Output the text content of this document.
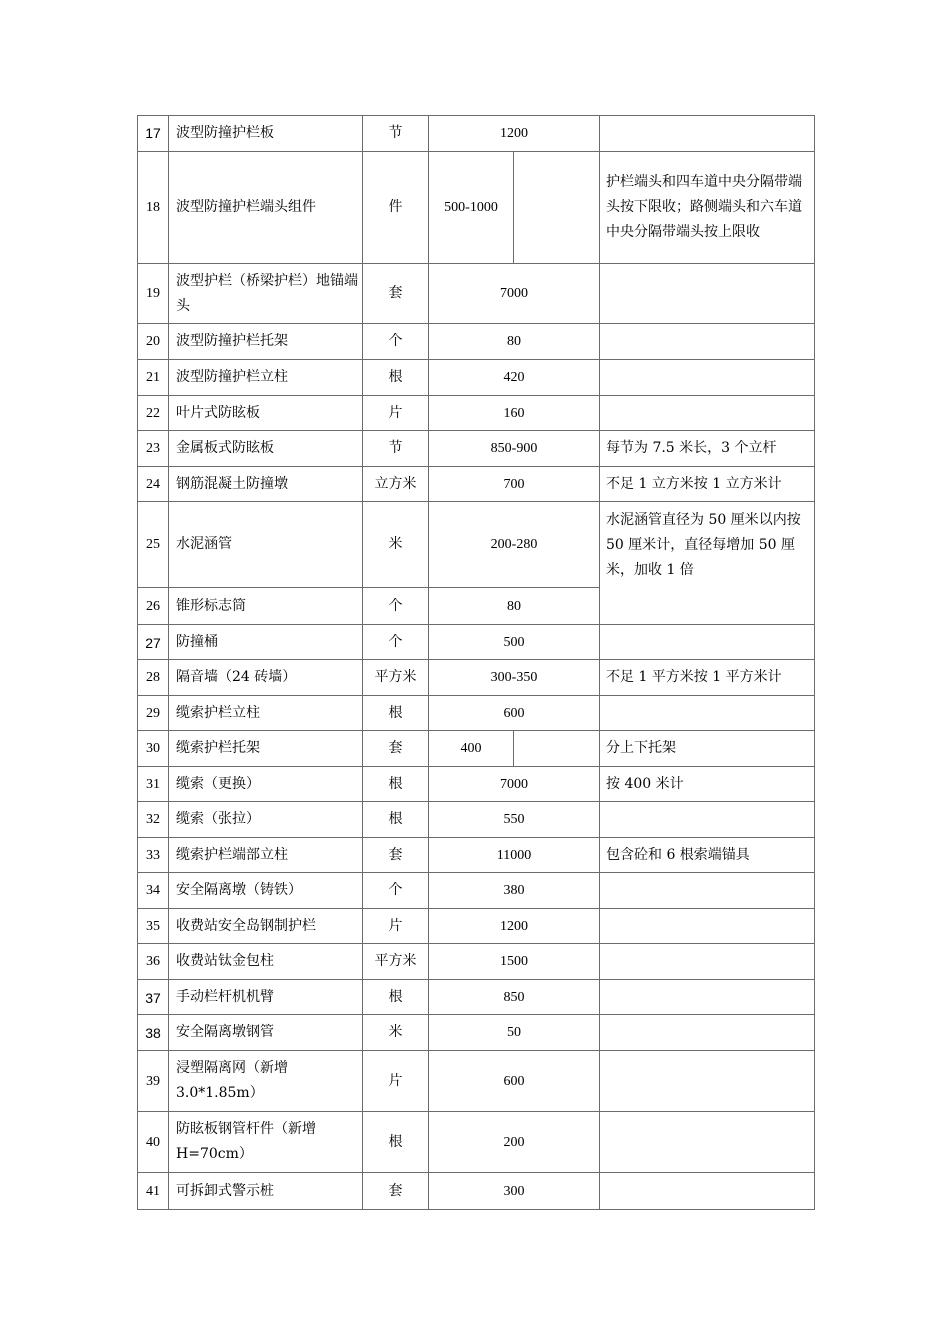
17	波型防撞护栏板	节	1200		
18	波型防撞护栏端头组件	件	500-1000		护栏端头和四车道中央分隔带端头按下限收；路侧端头和六车道中央分隔带端头按上限收
19	波型护栏（桥梁护栏）地锚端头	套	7000		
20	波型防撞护栏托架	个	80		
21	波型防撞护栏立柱	根	420		
22	叶片式防眩板	片	160		
23	金属板式防眩板	节	850-900		每节为 7.5 米长，3 个立杆
24	钢筋混凝土防撞墩	立方米	700		不足 1 立方米按 1 立方米计
25	水泥涵管	米	200-280		水泥涵管直径为 50 厘米以内按 50 厘米计，直径每增加 50 厘米，加收 1 倍
26	锥形标志筒	个	80		
27	防撞桶	个	500		
28	隔音墙（24 砖墙）	平方米	300-350		不足 1 平方米按 1 平方米计
29	缆索护栏立柱	根	600		
30	缆索护栏托架	套	400		分上下托架
31	缆索（更换）	根	7000		按 400 米计
32	缆索（张拉）	根	550		
33	缆索护栏端部立柱	套	11000		包含砼和 6 根索端锚具
34	安全隔离墩（铸铁）	个	380		
35	收费站安全岛钢制护栏	片	1200		
36	收费站钛金包柱	平方米	1500		
37	手动栏杆机机臂	根	850		
38	安全隔离墩钢管	米	50		
39	浸塑隔离网（新增 3.0*1.85m）	片	600		
40	防眩板钢管杆件（新增H=70cm）	根	200		
41	可拆卸式警示桩	套	300		
